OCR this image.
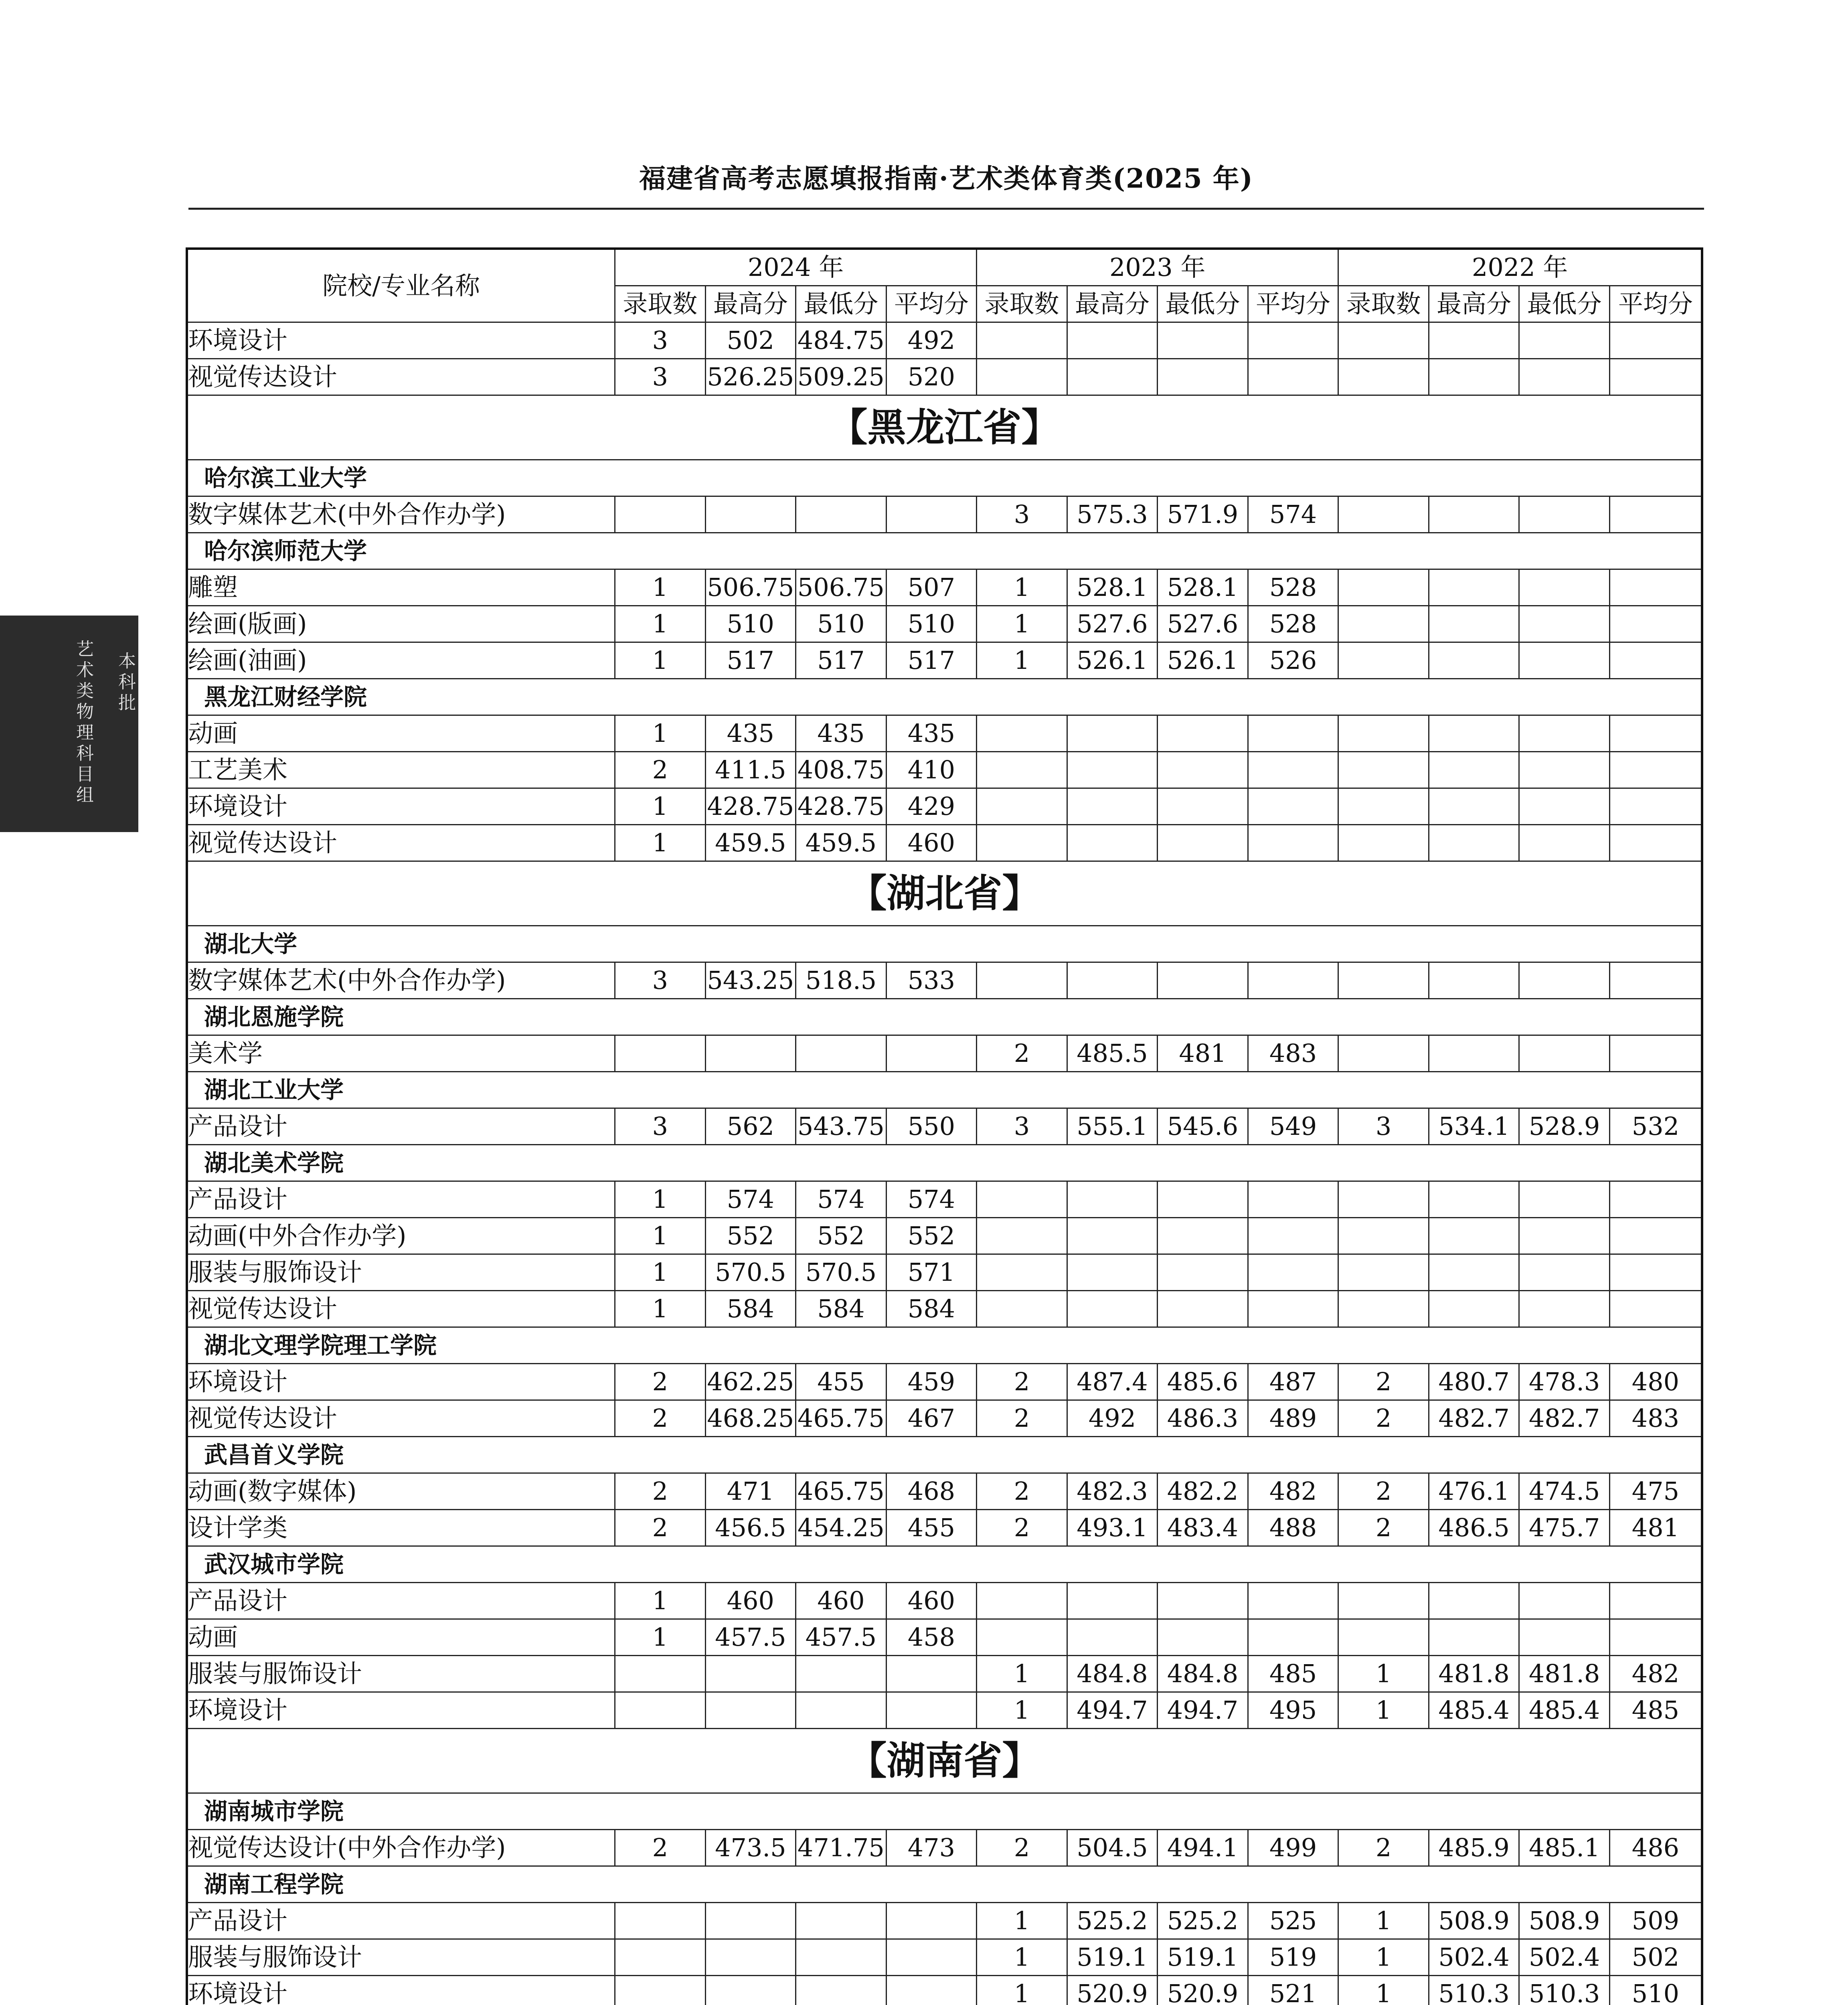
福建省高考志愿填报指南·艺术类体育类(2025 年)
艺术类物理科目组 本科批
院校/专业名称	2024 年				2023 年				2022 年			
	录取数	最高分	最低分	平均分	录取数	最高分	最低分	平均分	录取数	最高分	最低分	平均分
环境设计	3	502	484.75	492								
视觉传达设计	3	526.25	509.25	520								
【黑龙江省】												
哈尔滨工业大学												
数字媒体艺术(中外合作办学)					3	575.3	571.9	574				
哈尔滨师范大学												
雕塑	1	506.75	506.75	507	1	528.1	528.1	528				
绘画(版画)	1	510	510	510	1	527.6	527.6	528				
绘画(油画)	1	517	517	517	1	526.1	526.1	526				
黑龙江财经学院												
动画	1	435	435	435								
工艺美术	2	411.5	408.75	410								
环境设计	1	428.75	428.75	429								
视觉传达设计	1	459.5	459.5	460								
【湖北省】												
湖北大学												
数字媒体艺术(中外合作办学)	3	543.25	518.5	533								
湖北恩施学院												
美术学					2	485.5	481	483				
湖北工业大学												
产品设计	3	562	543.75	550	3	555.1	545.6	549	3	534.1	528.9	532
湖北美术学院												
产品设计	1	574	574	574								
动画(中外合作办学)	1	552	552	552								
服装与服饰设计	1	570.5	570.5	571								
视觉传达设计	1	584	584	584								
湖北文理学院理工学院												
环境设计	2	462.25	455	459	2	487.4	485.6	487	2	480.7	478.3	480
视觉传达设计	2	468.25	465.75	467	2	492	486.3	489	2	482.7	482.7	483
武昌首义学院												
动画(数字媒体)	2	471	465.75	468	2	482.3	482.2	482	2	476.1	474.5	475
设计学类	2	456.5	454.25	455	2	493.1	483.4	488	2	486.5	475.7	481
武汉城市学院												
产品设计	1	460	460	460								
动画	1	457.5	457.5	458								
服装与服饰设计					1	484.8	484.8	485	1	481.8	481.8	482
环境设计					1	494.7	494.7	495	1	485.4	485.4	485
【湖南省】												
湖南城市学院												
视觉传达设计(中外合作办学)	2	473.5	471.75	473	2	504.5	494.1	499	2	485.9	485.1	486
湖南工程学院												
产品设计					1	525.2	525.2	525	1	508.9	508.9	509
服装与服饰设计					1	519.1	519.1	519	1	502.4	502.4	502
环境设计					1	520.9	520.9	521	1	510.3	510.3	510
